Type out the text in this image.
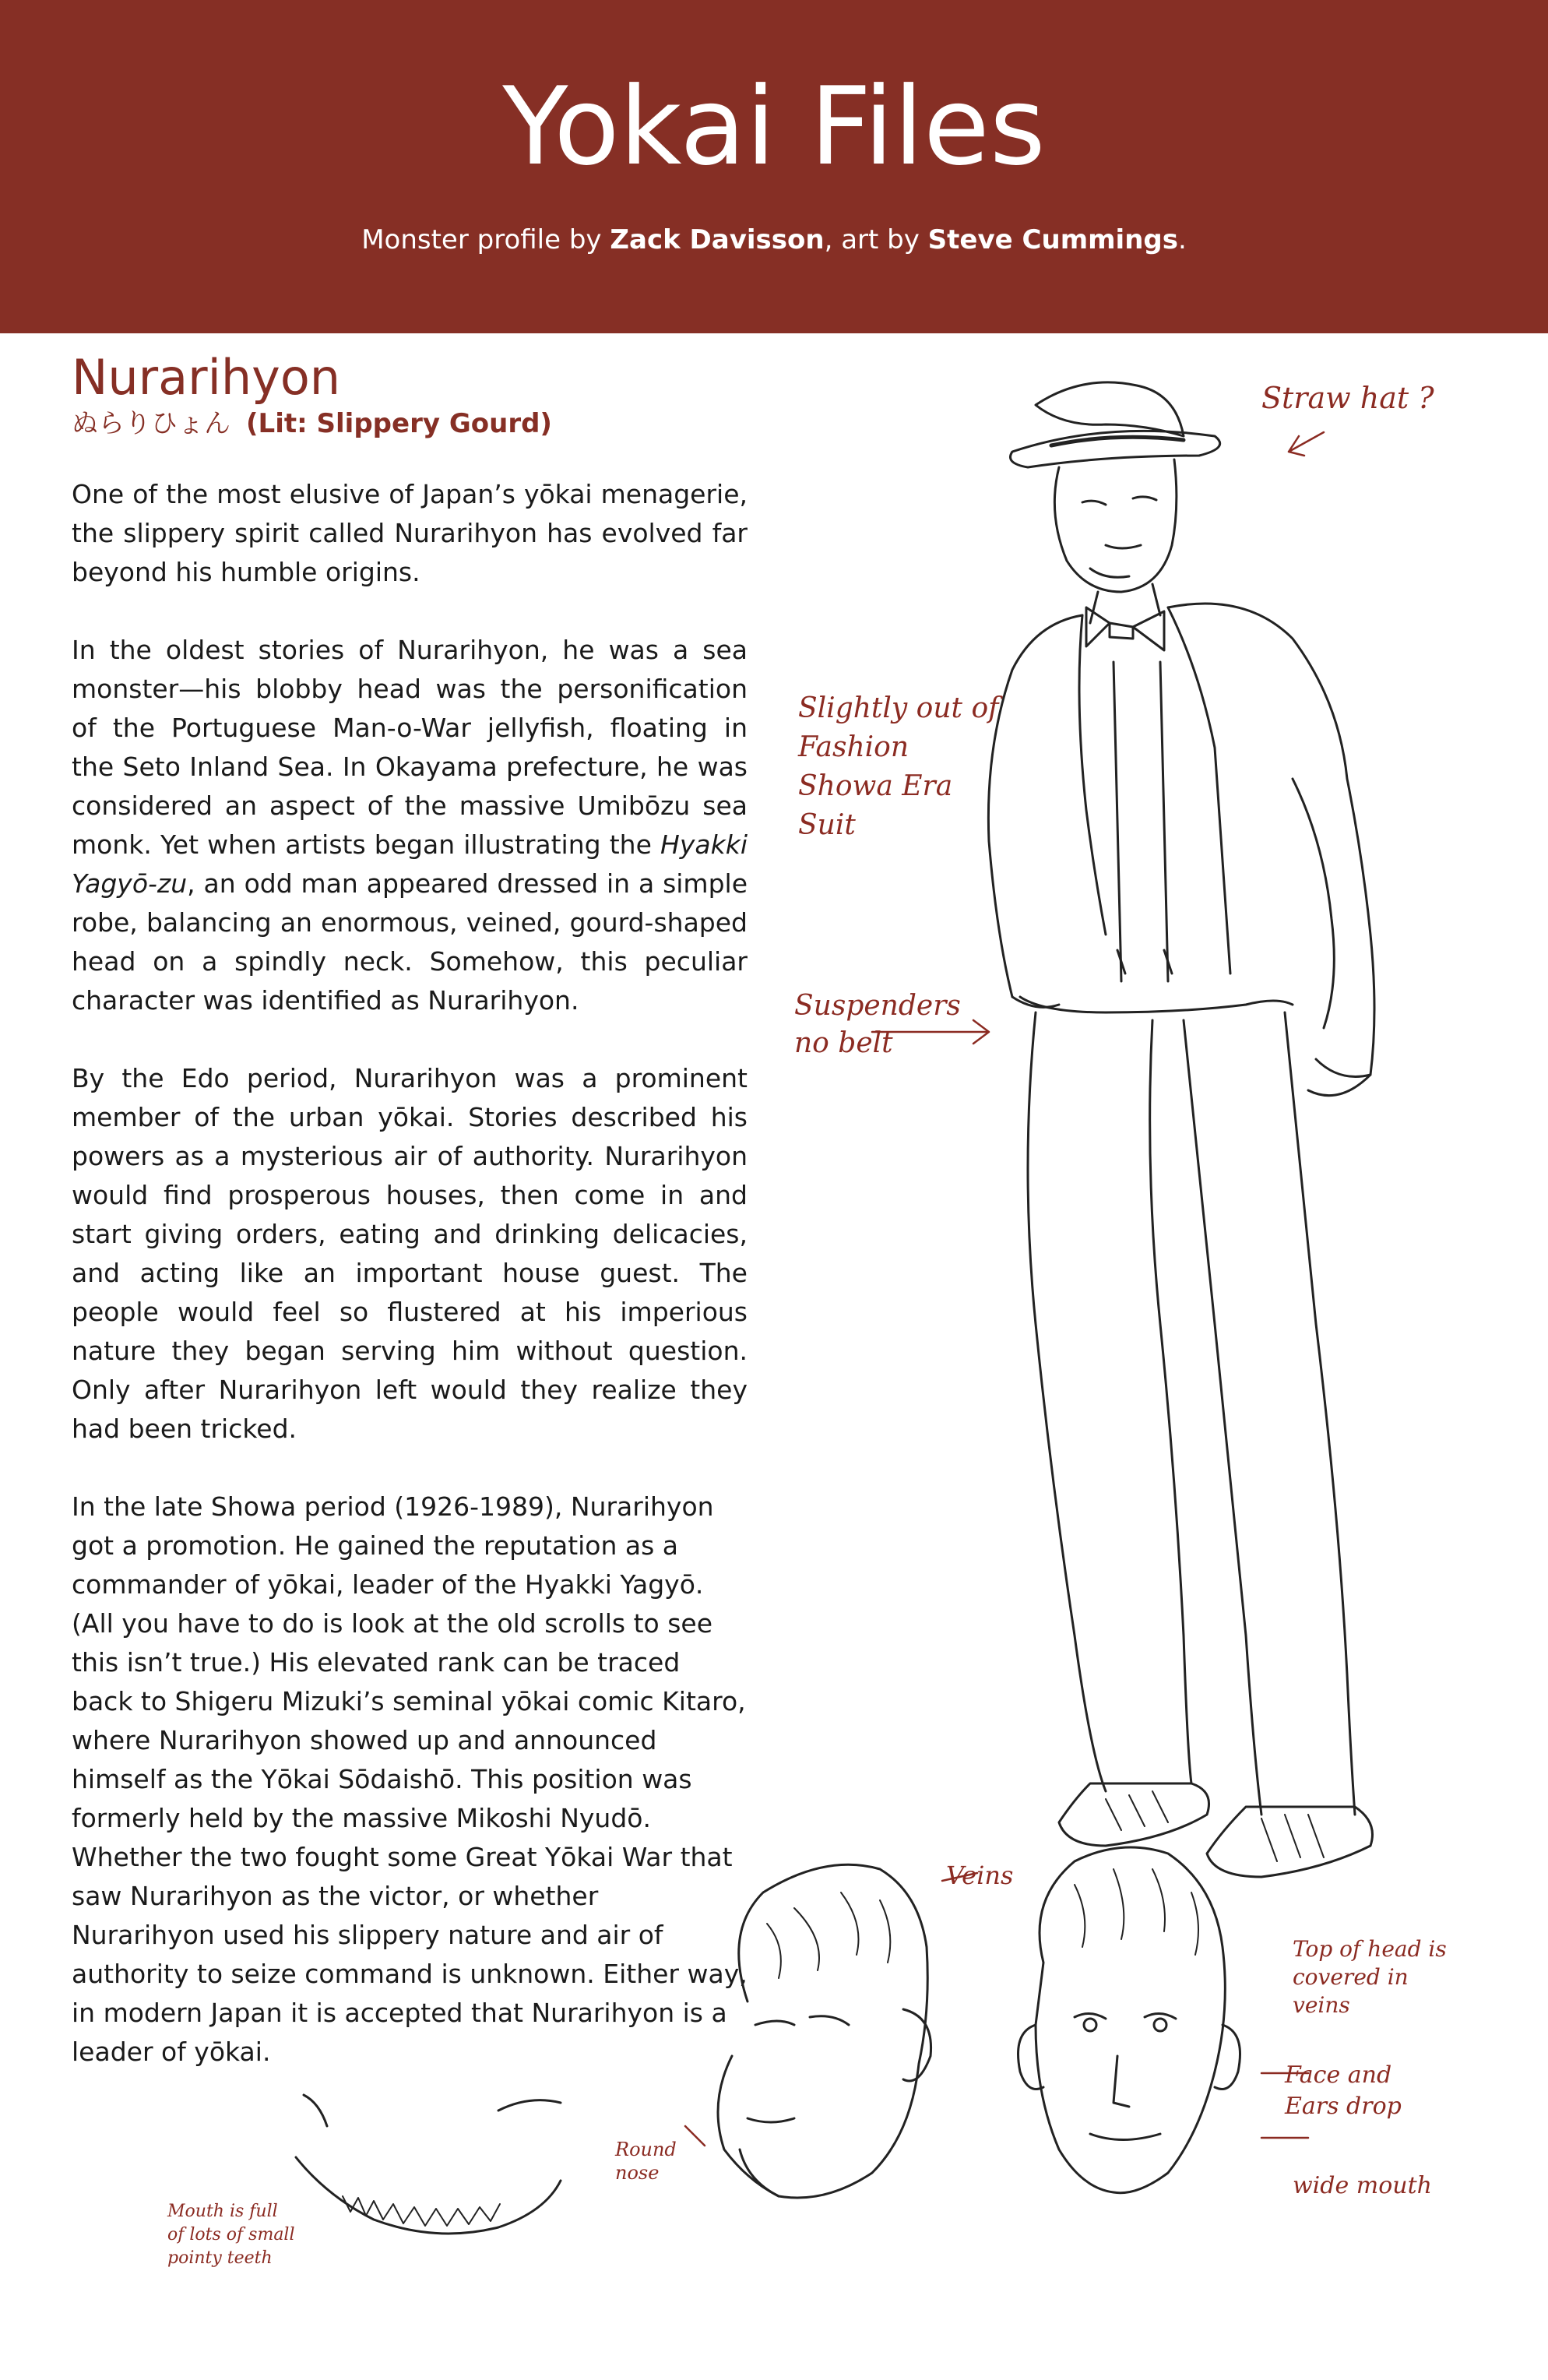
Yokai Files
Monster profile by Zack Davisson, art by Steve Cummings.
Nurarihyon
ぬらりひょん (Lit: Slippery Gourd)

One of the most elusive of Japan’s yōkai menagerie, the slippery spirit called Nurarihyon has evolved far beyond his humble origins.

In the oldest stories of Nurarihyon, he was a sea monster—his blobby head was the personification of the Portuguese Man-o-War jellyfish, floating in the Seto Inland Sea. In Okayama prefecture, he was considered an aspect of the massive Umibōzu sea monk. Yet when artists began illustrating the Hyakki Yagyō-zu, an odd man appeared dressed in a simple robe, balancing an enormous, veined, gourd-shaped head on a spindly neck. Somehow, this peculiar character was identified as Nurarihyon.

By the Edo period, Nurarihyon was a prominent member of the urban yōkai. Stories described his powers as a mysterious air of authority. Nurarihyon would find prosperous houses, then come in and start giving orders, eating and drinking delicacies, and acting like an important house guest. The people would feel so flustered at his imperious nature they began serving him without question. Only after Nurarihyon left would they realize they had been tricked.

In the late Showa period (1926-1989), Nurarihyon got a promotion. He gained the reputation as a commander of yōkai, leader of the Hyakki Yagyō. (All you have to do is look at the old scrolls to see this isn’t true.) His elevated rank can be traced back to Shigeru Mizuki’s seminal yōkai comic Kitaro, where Nurarihyon showed up and announced himself as the Yōkai Sōdaishō. This position was formerly held by the massive Mikoshi Nyudō. Whether the two fought some Great Yōkai War that saw Nurarihyon as the victor, or whether Nurarihyon used his slippery nature and air of authority to seize command is unknown. Either way, in modern Japan it is accepted that Nurarihyon is a leader of yōkai.

Straw hat ?
Slightly out of
Fashion
Showa Era
Suit
Suspenders
no belt
Veins
Top of head is
covered in
veins
Face and
Ears drop
wide mouth
Round
nose
Mouth is full
of lots of small
pointy teeth
